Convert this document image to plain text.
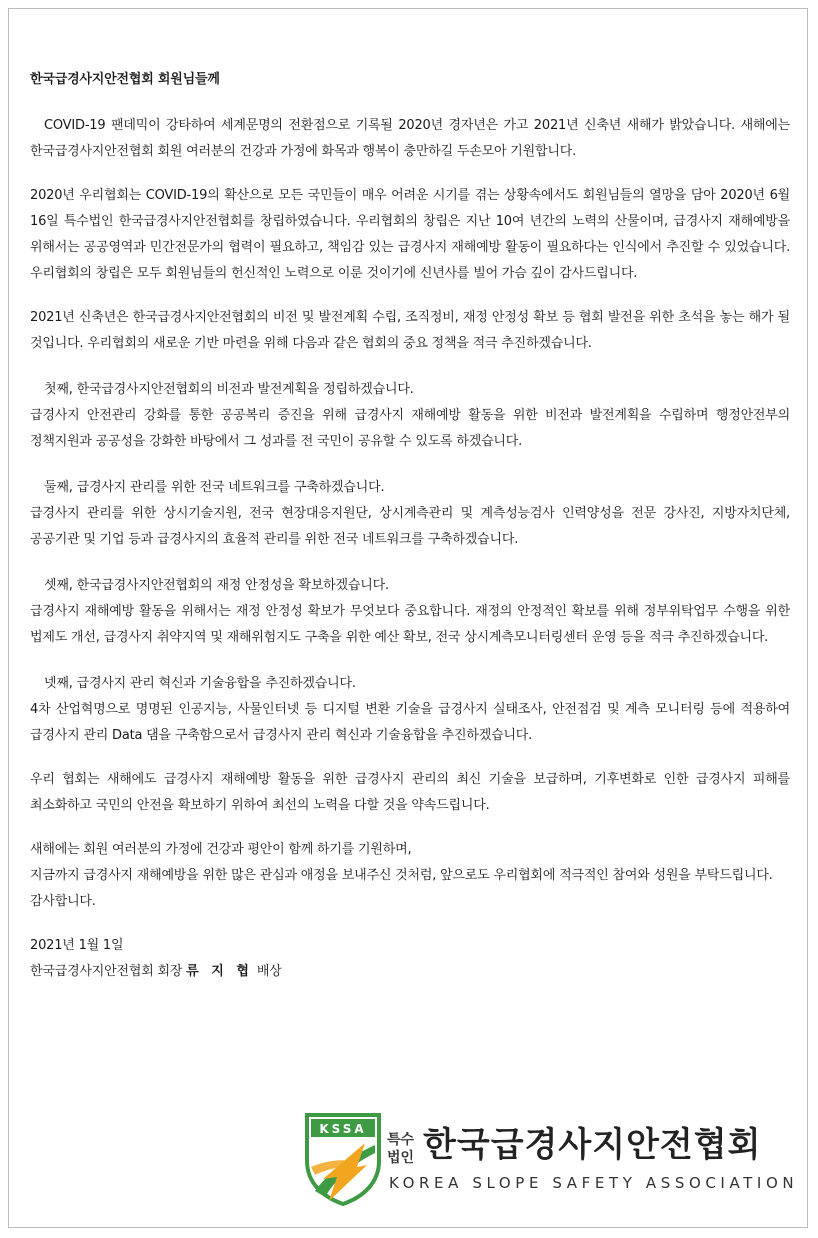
한국급경사지안전협회 회원님들께

COVID-19 팬데믹이 강타하여 세계문명의 전환점으로 기록될 2020년 경자년은 가고 2021년 신축년 새해가 밝았습니다. 새해에는 한국급경사지안전협회 회원 여러분의 건강과 가정에 화목과 행복이 충만하길 두손모아 기원합니다.

2020년 우리협회는 COVID-19의 확산으로 모든 국민들이 매우 어려운 시기를 겪는 상황속에서도 회원님들의 열망을 담아 2020년 6월 16일 특수법인 한국급경사지안전협회를 창립하였습니다. 우리협회의 창립은 지난 10여 년간의 노력의 산물이며, 급경사지 재해예방을 위해서는 공공영역과 민간전문가의 협력이 필요하고, 책임감 있는 급경사지 재해예방 활동이 필요하다는 인식에서 추진할 수 있었습니다. 우리협회의 창립은 모두 회원님들의 헌신적인 노력으로 이룬 것이기에 신년사를 빌어 가슴 깊이 감사드립니다.

2021년 신축년은 한국급경사지안전협회의 비전 및 발전계획 수립, 조직정비, 재정 안정성 확보 등 협회 발전을 위한 초석을 놓는 해가 될 것입니다. 우리협회의 새로운 기반 마련을 위해 다음과 같은 협회의 중요 정책을 적극 추진하겠습니다.

첫째, 한국급경사지안전협회의 비전과 발전계획을 정립하겠습니다.

급경사지 안전관리 강화를 통한 공공복리 증진을 위해 급경사지 재해예방 활동을 위한 비전과 발전계획을 수립하며 행정안전부의 정책지원과 공공성을 강화한 바탕에서 그 성과를 전 국민이 공유할 수 있도록 하겠습니다.

둘째, 급경사지 관리를 위한 전국 네트워크를 구축하겠습니다.

급경사지 관리를 위한 상시기술지원, 전국 현장대응지원단, 상시계측관리 및 계측성능검사 인력양성을 전문 강사진, 지방자치단체, 공공기관 및 기업 등과 급경사지의 효율적 관리를 위한 전국 네트워크를 구축하겠습니다.

셋째, 한국급경사지안전협회의 재정 안정성을 확보하겠습니다.

급경사지 재해예방 활동을 위해서는 재정 안정성 확보가 무엇보다 중요합니다. 재정의 안정적인 확보를 위해 정부위탁업무 수행을 위한 법제도 개선, 급경사지 취약지역 및 재해위험지도 구축을 위한 예산 확보, 전국 상시계측모니터링센터 운영 등을 적극 추진하겠습니다.

넷째, 급경사지 관리 혁신과 기술융합을 추진하겠습니다.

4차 산업혁명으로 명명된 인공지능, 사물인터넷 등 디지털 변환 기술을 급경사지 실태조사, 안전점검 및 계측 모니터링 등에 적용하여 급경사지 관리 Data 댐을 구축함으로서 급경사지 관리 혁신과 기술융합을 추진하겠습니다.

우리 협회는 새해에도 급경사지 재해예방 활동을 위한 급경사지 관리의 최신 기술을 보급하며, 기후변화로 인한 급경사지 피해를 최소화하고 국민의 안전을 확보하기 위하여 최선의 노력을 다할 것을 약속드립니다.

새해에는 회원 여러분의 가정에 건강과 평안이 함께 하기를 기원하며,

지금까지 급경사지 재해예방을 위한 많은 관심과 애정을 보내주신 것처럼, 앞으로도 우리협회에 적극적인 참여와 성원을 부탁드립니다.

감사합니다.

2021년 1월 1일

한국급경사지안전협회 회장 류 지 협 배상

KSSA
특수
법인 한국급경사지안전협회
KOREA SLOPE SAFETY ASSOCIATION
